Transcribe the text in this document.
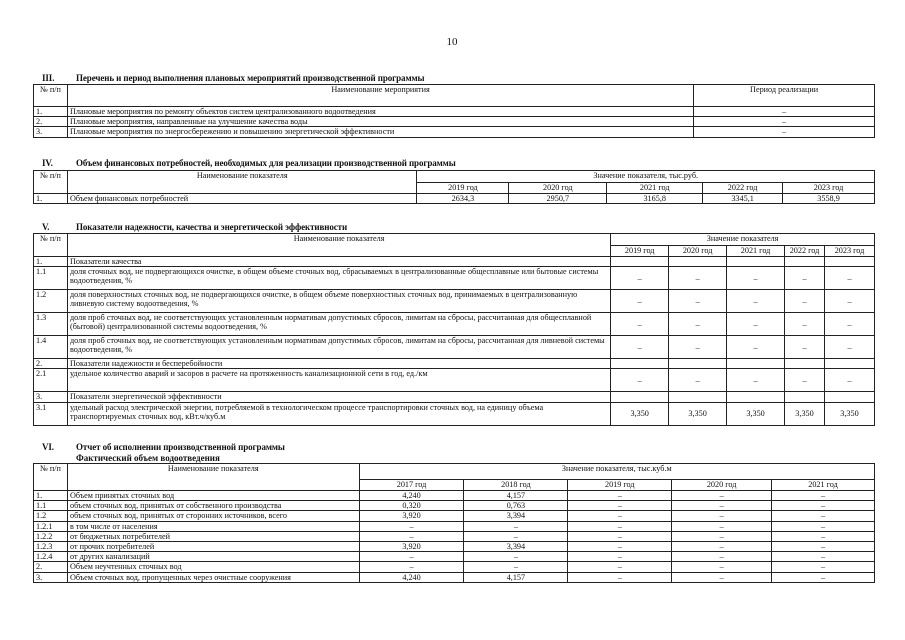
10
III. Перечень и период выполнения плановых мероприятий производственной программы
№ п/п	Наименование мероприятия	Период реализации
1.	Плановые мероприятия по ремонту объектов систем централизованного водоотведения	–
2.	Плановые мероприятия, направленные на улучшение качества воды	–
3.	Плановые мероприятия по энергосбережению и повышению энергетической эффективности	–
IV.	Объем финансовых потребностей, необходимых для реализации производственной программы
№ п/п	Наименование показателя	Значение показателя, тыс.руб.				
		2019 год	2020 год	2021 год	2022 год	2023 год
1.	Объем финансовых потребностей	2634,3	2950,7	3165,8	3345,1	3558,9
V.	Показатели надежности, качества и энергетической эффективности
№ п/п	Наименование показателя	Значение показателя				
		2019 год	2020 год	2021 год	2022 год	2023 год
1.	Показатели качества					
1.1	доля сточных вод, не подвергающихся очистке, в общем объеме сточных вод, сбрасываемых в централизованные общесплавные или бытовые системы водоотведения, %	–	–	–	–	–
1.2	доля поверхностных сточных вод, не подвергающихся очистке, в общем объеме поверхностных сточных вод, принимаемых в централизованную ливневую систему водоотведения, %	–	–	–	–	–
1.3	доля проб сточных вод, не соответствующих установленным нормативам допустимых сбросов, лимитам на сбросы, рассчитанная для общесплавной (бытовой) централизованной системы водоотведения, %	–	–	–	–	–
1.4	доля проб сточных вод, не соответствующих установленным нормативам допустимых сбросов, лимитам на сбросы, рассчитанная для ливневой системы водоотведения, %	–	–	–	–	–
2.	Показатели надежности и бесперебойности					
2.1	удельное количество аварий и засоров в расчете на протяженность канализационной сети в год, ед./км	–	–	–	–	–
3.	Показатели энергетической эффективности					
3.1	удельный расход электрической энергии, потребляемой в технологическом процессе транспортировки сточных вод, на единицу объема транспортируемых сточных вод, кВт.ч/куб.м	3,350	3,350	3,350	3,350	3,350
VI. Отчет об исполнении производственной программы
Фактический объем водоотведения
№ п/п	Наименование показателя	Значение показателя, тыс.куб.м				
		2017 год	2018 год	2019 год	2020 год	2021 год
1.	Объем принятых сточных вод	4,240	4,157	–	–	–
1.1	объем сточных вод, принятых от собственного производства	0,320	0,763	–	–	–
1.2	объем сточных вод, принятых от сторонних источников, всего	3,920	3,394	–	–	–
1.2.1	в том числе от населения	–	–	–	–	–
1.2.2	от бюджетных потребителей	–	–	–	–	–
1.2.3	от прочих потребителей	3,920	3,394	–	–	–
1.2.4	от других канализаций	–	–	–	–	–
2.	Объем неучтенных сточных вод	–	–	–	–	–
3.	Объем сточных вод, пропущенных через очистные сооружения	4,240	4,157	–	–	–
